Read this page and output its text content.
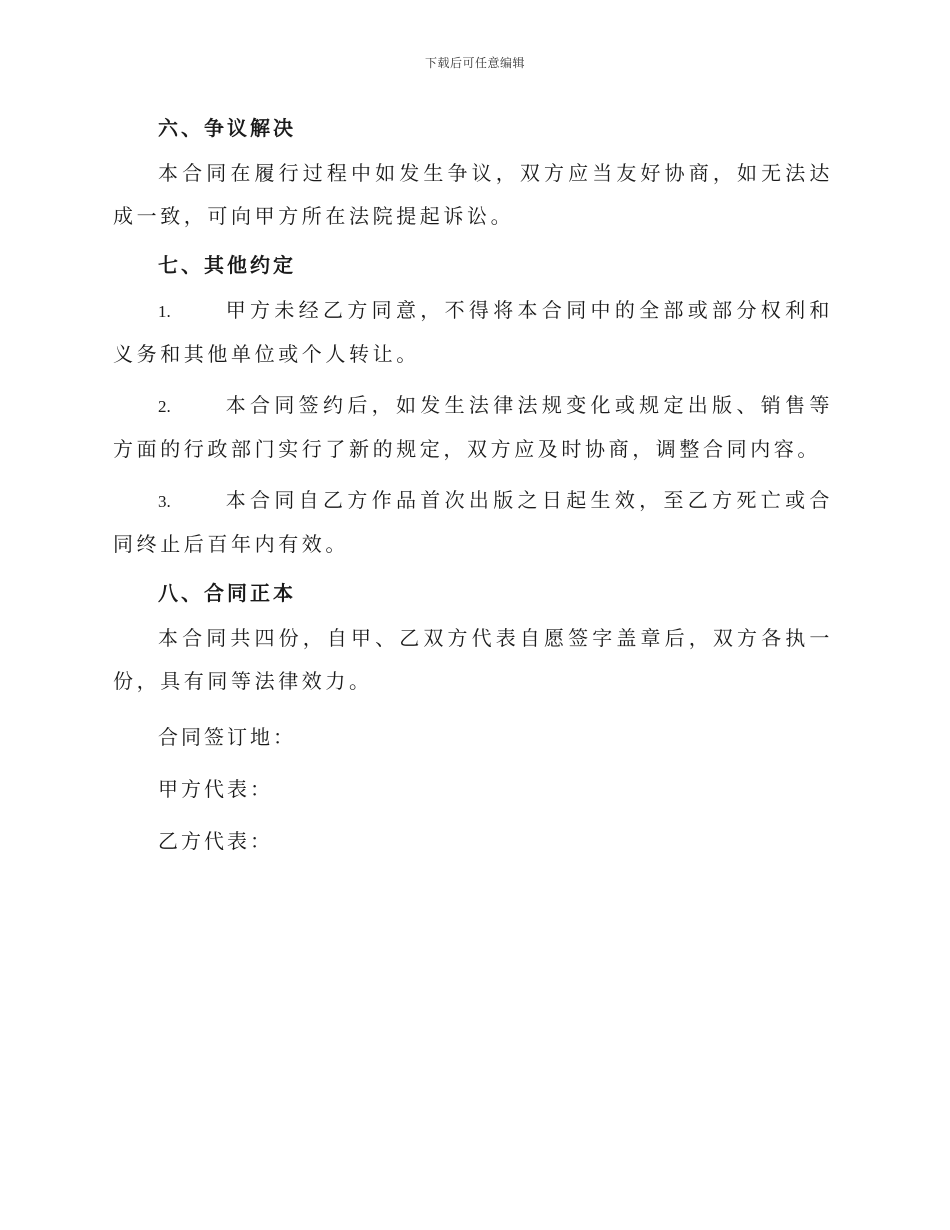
下载后可任意编辑
六、争议解决

本合同在履行过程中如发生争议，双方应当友好协商，如无法达成一致，可向甲方所在法院提起诉讼。

七、其他约定

1.	甲方未经乙方同意，不得将本合同中的全部或部分权利和义务和其他单位或个人转让。

2.	本合同签约后，如发生法律法规变化或规定出版、销售等方面的行政部门实行了新的规定，双方应及时协商，调整合同内容。

3.	本合同自乙方作品首次出版之日起生效，至乙方死亡或合同终止后百年内有效。

八、合同正本

本合同共四份，自甲、乙双方代表自愿签字盖章后，双方各执一份，具有同等法律效力。

合同签订地：
甲方代表：
乙方代表：
